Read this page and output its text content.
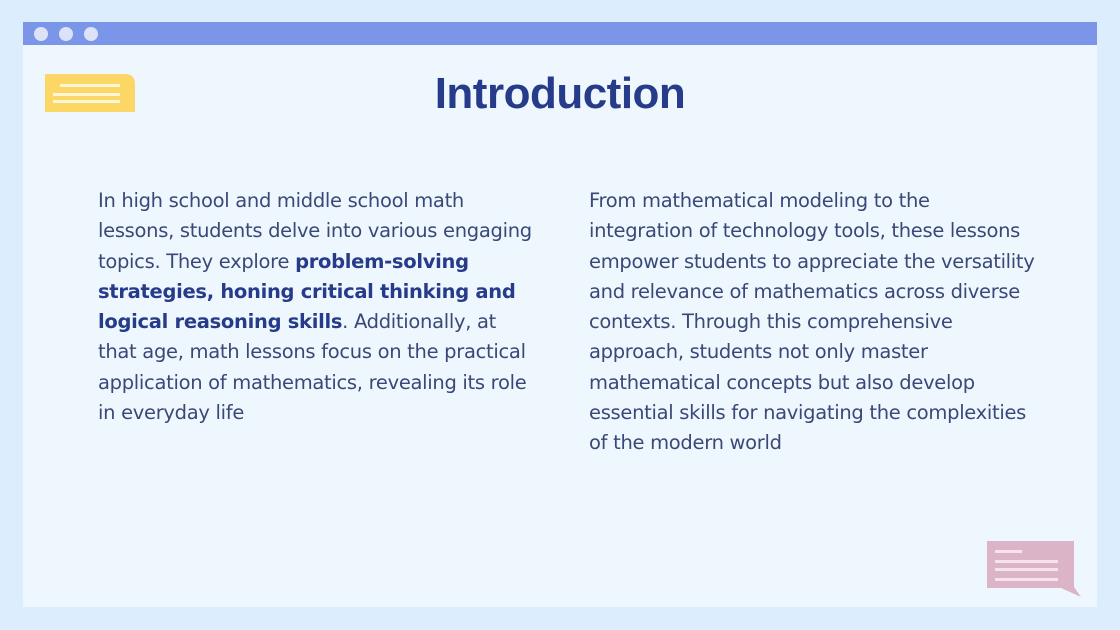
Introduction
In high school and middle school math lessons, students delve into various engaging topics. They explore problem-solving strategies, honing critical thinking and logical reasoning skills. Additionally, at that age, math lessons focus on the practical application of mathematics, revealing its role in everyday life
From mathematical modeling to the integration of technology tools, these lessons empower students to appreciate the versatility and relevance of mathematics across diverse contexts. Through this comprehensive approach, students not only master mathematical concepts but also develop essential skills for navigating the complexities of the modern world
